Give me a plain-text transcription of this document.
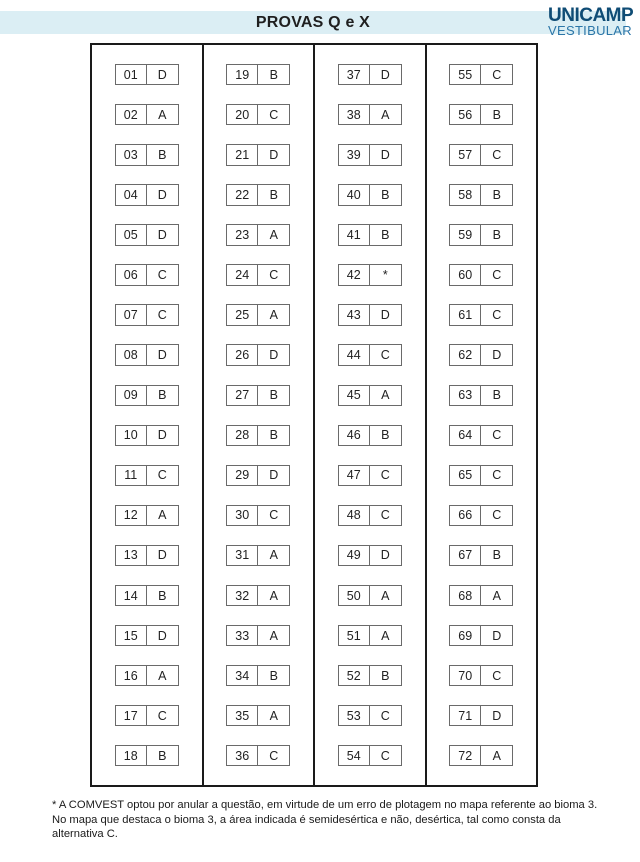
PROVAS Q e X	UNICAMP
VESTIBULAR
01	D
02	A
03	B
04	D
05	D
06	C
07	C
08	D
09	B
10	D
11	C
12	A
13	D
14	B
15	D
16	A
17	C
18	B
19	B
20	C
21	D
22	B
23	A
24	C
25	A
26	D
27	B
28	B
29	D
30	C
31	A
32	A
33	A
34	B
35	A
36	C
37	D
38	A
39	D
40	B
41	B
42	*
43	D
44	C
45	A
46	B
47	C
48	C
49	D
50	A
51	A
52	B
53	C
54	C
55	C
56	B
57	C
58	B
59	B
60	C
61	C
62	D
63	B
64	C
65	C
66	C
67	B
68	A
69	D
70	C
71	D
72	A
* A COMVEST optou por anular a questão, em virtude de um erro de plotagem no mapa referente ao bioma 3. No mapa que destaca o bioma 3, a área indicada é semidesértica e não, desértica, tal como consta da alternativa C.
